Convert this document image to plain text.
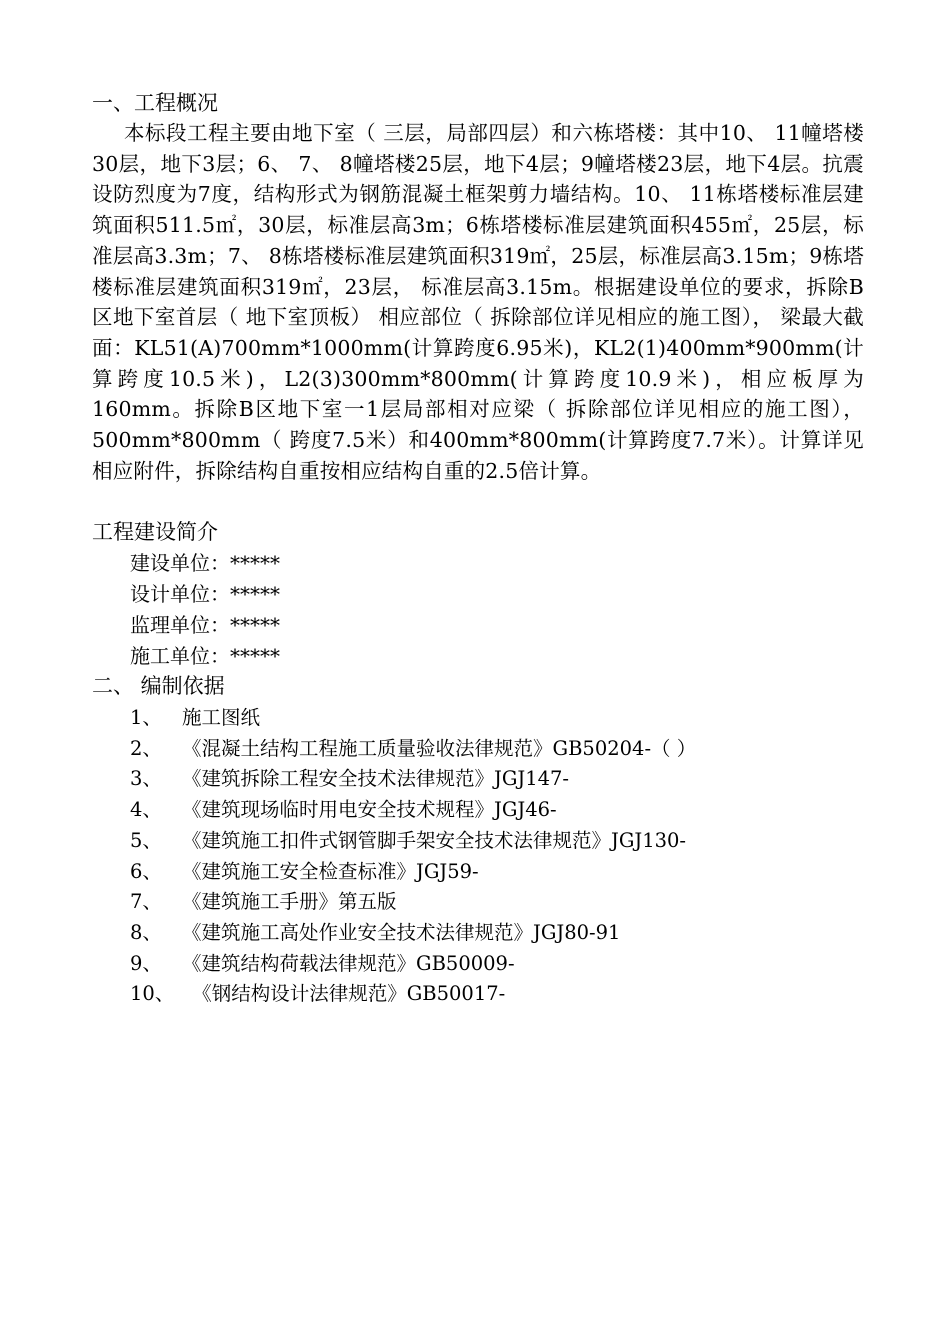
一、工程概况

本标段工程主要由地下室（ 三层，局部四层）和六栋塔楼：其中10、 11幢塔楼30层，地下3层；6、 7、 8幢塔楼25层，地下4层；9幢塔楼23层，地下4层。抗震设防烈度为7度，结构形式为钢筋混凝土框架剪力墙结构。10、 11栋塔楼标准层建筑面积511.5㎡，30层，标准层高3m；6栋塔楼标准层建筑面积455㎡，25层，标准层高3.3m；7、 8栋塔楼标准层建筑面积319㎡，25层，标准层高3.15m；9栋塔楼标准层建筑面积319㎡，23层， 标准层高3.15m。根据建设单位的要求，拆除B区地下室首层（ 地下室顶板） 相应部位（ 拆除部位详见相应的施工图）， 梁最大截面：KL51(A)700mm*1000mm(计算跨度6.95米)，KL2(1)400mm*900mm(计算跨度10.5米)，L2(3)300mm*800mm(计算跨度10.9米)，相应板厚为160mm。拆除B区地下室一1层局部相对应梁（ 拆除部位详见相应的施工图），500mm*800mm（ 跨度7.5米）和400mm*800mm(计算跨度7.7米）。计算详见相应附件，拆除结构自重按相应结构自重的2.5倍计算。

工程建设简介
建设单位：*****
设计单位：*****
监理单位：*****
施工单位：*****
二、 编制依据
1、 施工图纸
2、 《混凝土结构工程施工质量验收法律规范》GB50204-（ ）
3、 《建筑拆除工程安全技术法律规范》JGJ147-
4、 《建筑现场临时用电安全技术规程》JGJ46-
5、 《建筑施工扣件式钢管脚手架安全技术法律规范》JGJ130-
6、 《建筑施工安全检查标准》JGJ59-
7、 《建筑施工手册》第五版
8、 《建筑施工高处作业安全技术法律规范》JGJ80-91
9、 《建筑结构荷载法律规范》GB50009-
10、 《钢结构设计法律规范》GB50017-
